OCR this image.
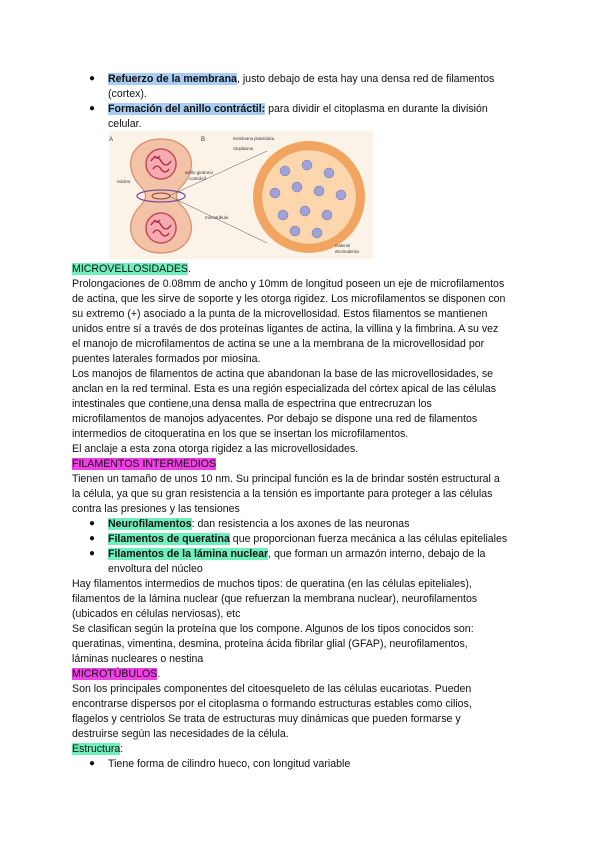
● Refuerzo de la membrana, justo debajo de esta hay una densa red de filamentos
(cortex).
● Formación del anillo contráctil: para dividir el citoplasma en durante la división
celular.
A
núcleo
anillo giratorio
contrácil
microtúbulo
B	membrana plasmática
citoplasma
material
electrodenso
MICROVELLOSIDADES.
Prolongaciones de 0.08mm de ancho y 10mm de longitud poseen un eje de microfilamentos
de actina, que les sirve de soporte y les otorga rigidez. Los microfilamentos se disponen con
su extremo (+) asociado a la punta de la microvellosidad. Estos filamentos se mantienen
unidos entre sí a través de dos proteínas ligantes de actina, la villina y la fimbrina. A su vez
el manojo de microfilamentos de actina se une a la membrana de la microvellosidad por
puentes laterales formados por miosina.
Los manojos de filamentos de actina que abandonan la base de las microvellosidades, se
anclan en la red terminal. Esta es una región especializada del córtex apical de las células
intestinales que contiene,una densa malla de espectrina que entrecruzan los
microfilamentos de manojos adyacentes. Por debajo se dispone una red de filamentos
intermedios de citoqueratina en los que se insertan los microfilamentos.
El anclaje a esta zona otorga rigidez a las microvellosidades.
FILAMENTOS INTERMEDIOS
Tienen un tamaño de unos 10 nm. Su principal función es la de brindar sostén estructural a
la célula, ya que su gran resistencia a la tensión es importante para proteger a las células
contra las presiones y las tensiones
● Neurofilamentos: dan resistencia a los axones de las neuronas
● Filamentos de queratina que proporcionan fuerza mecánica a las células epiteliales
● Filamentos de la lámina nuclear, que forman un armazón interno, debajo de la
envoltura del núcleo
Hay filamentos intermedios de muchos tipos: de queratina (en las células epiteliales),
filamentos de la lámina nuclear (que refuerzan la membrana nuclear), neurofilamentos
(ubicados en células nerviosas), etc
Se clasifican según la proteína que los compone. Algunos de los tipos conocidos son:
queratinas, vimentina, desmina, proteína ácida fibrilar glial (GFAP), neurofilamentos,
láminas nucleares o nestina
MICROTÚBULOS.
Son los principales componentes del citoesqueleto de las células eucariotas. Pueden
encontrarse dispersos por el citoplasma o formando estructuras estables como cilios,
flagelos y centriolos Se trata de estructuras muy dinámicas que pueden formarse y
destruirse según las necesidades de la célula.
Estructura:
● Tiene forma de cilindro hueco, con longitud variable
